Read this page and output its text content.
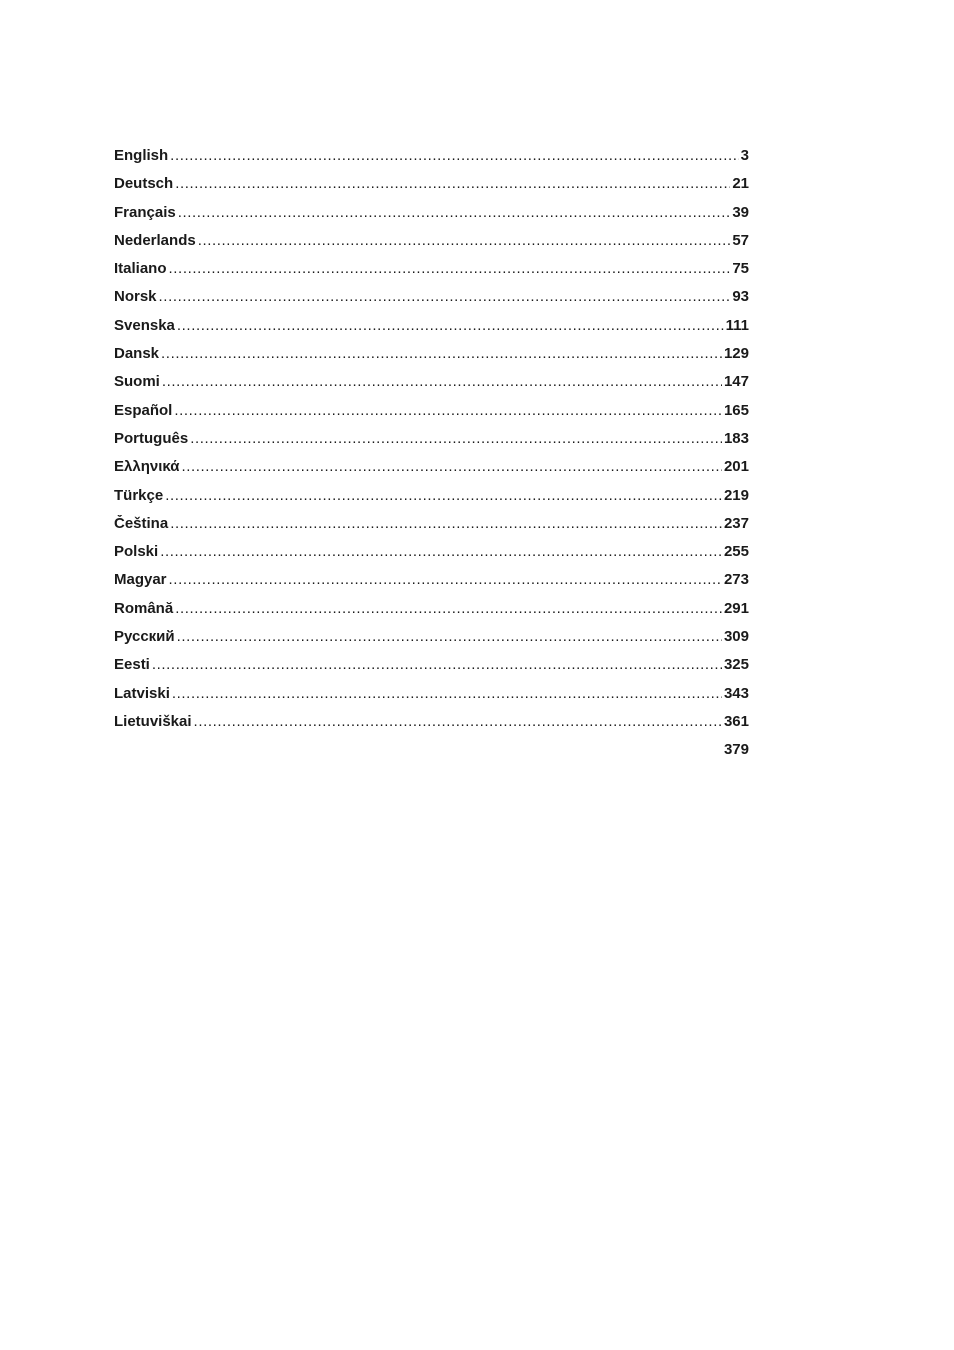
English .....	3
Deutsch .....	21
Français .....	39
Nederlands .....	57
Italiano .....	75
Norsk .....	93
Svenska .....	111
Dansk .....	129
Suomi .....	147
Español .....	165
Português .....	183
Ελληνικά .....	201
Türkçe .....	219
Čeština .....	237
Polski .....	255
Magyar .....	273
Română .....	291
Русский .....	309
Eesti .....	325
Latviski .....	343
Lietuviškai .....	361
379
